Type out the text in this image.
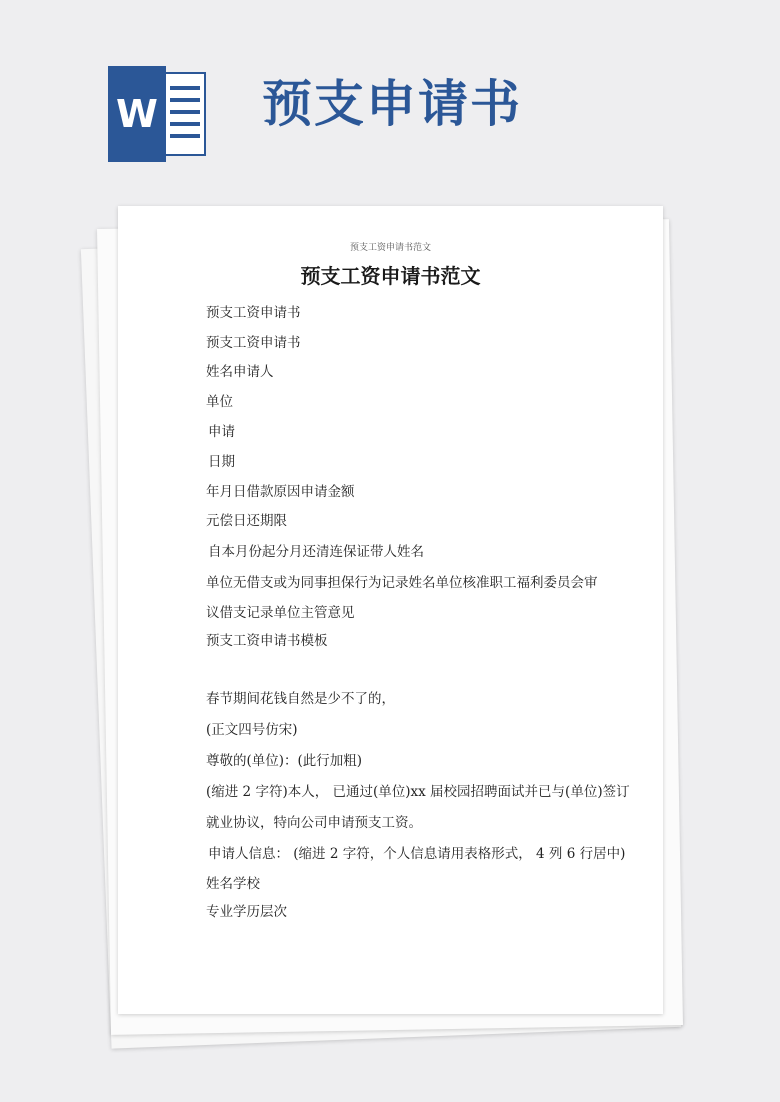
W 预支申请书
预支工资申请书范文
预支工资申请书范文
预支工资申请书
预支工资申请书
姓名申请人
单位
申请
日期
年月日借款原因申请金额
元偿日还期限
自本月份起分月还清连保证带人姓名
单位无借支或为同事担保行为记录姓名单位核准职工福利委员会审
议借支记录单位主管意见
预支工资申请书模板
春节期间花钱自然是少不了的，
(正文四号仿宋)
尊敬的(单位)：(此行加粗)
(缩进 2 字符)本人， 已通过(单位)xx 届校园招聘面试并已与(单位)签订
就业协议，特向公司申请预支工资。
申请人信息： (缩进 2 字符，个人信息请用表格形式， 4 列 6 行居中)
姓名学校
专业学历层次
